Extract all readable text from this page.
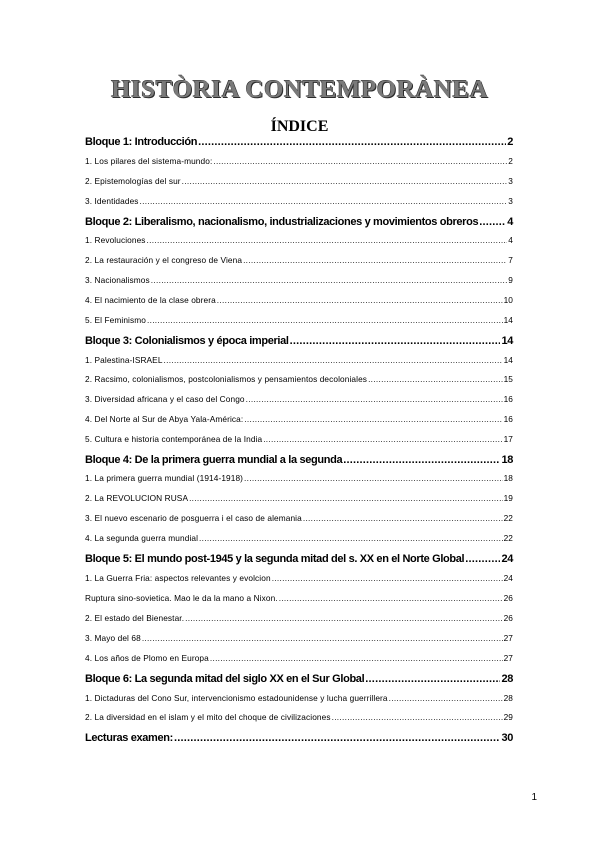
HISTÒRIA CONTEMPORÀNEA
ÍNDICE
Bloque 1: Introducción .....	2
1. Los pilares del sistema-mundo: .....	2
2. Epistemologías del sur .....	3
3. Identidades .....	3
Bloque 2: Liberalismo, nacionalismo, industrializaciones y movimientos obreros .....	4
1. Revoluciones .....	4
2. La restauración y el congreso de Viena .....	7
3. Nacionalismos .....	9
4. El nacimiento de la clase obrera .....	10
5. El Feminismo .....	14
Bloque 3: Colonialismos y época imperial .....	14
1. Palestina-ISRAEL .....	14
2. Racsimo, colonialismos, postcolonialismos y pensamientos decoloniales .....	15
3. Diversidad africana y el caso del Congo .....	16
4. Del Norte al Sur de Abya Yala-América: .....	16
5. Cultura e historia contemporánea de la India .....	17
Bloque 4: De la primera guerra mundial a la segunda .....	18
1. La primera guerra mundial (1914-1918) .....	18
2. La REVOLUCION RUSA .....	19
3. El nuevo escenario de posguerra i el caso de alemania .....	22
4. La segunda guerra mundial .....	22
Bloque 5: El mundo post-1945 y la segunda mitad del s. XX en el Norte Global .....	24
1. La Guerra Fria: aspectos relevantes y evolcion .....	24
Ruptura sino-sovietica. Mao le da la mano a Nixon. .....	26
2. El estado del Bienestar. .....	26
3. Mayo del 68 .....	27
4. Los años de Plomo en Europa .....	27
Bloque 6: La segunda mitad del siglo XX en el Sur Global .....	28
1. Dictaduras del Cono Sur, intervencionismo estadounidense y lucha guerrillera .....	28
2. La diversidad en el islam y el mito del choque de civilizaciones .....	29
Lecturas examen: .....	30
1
